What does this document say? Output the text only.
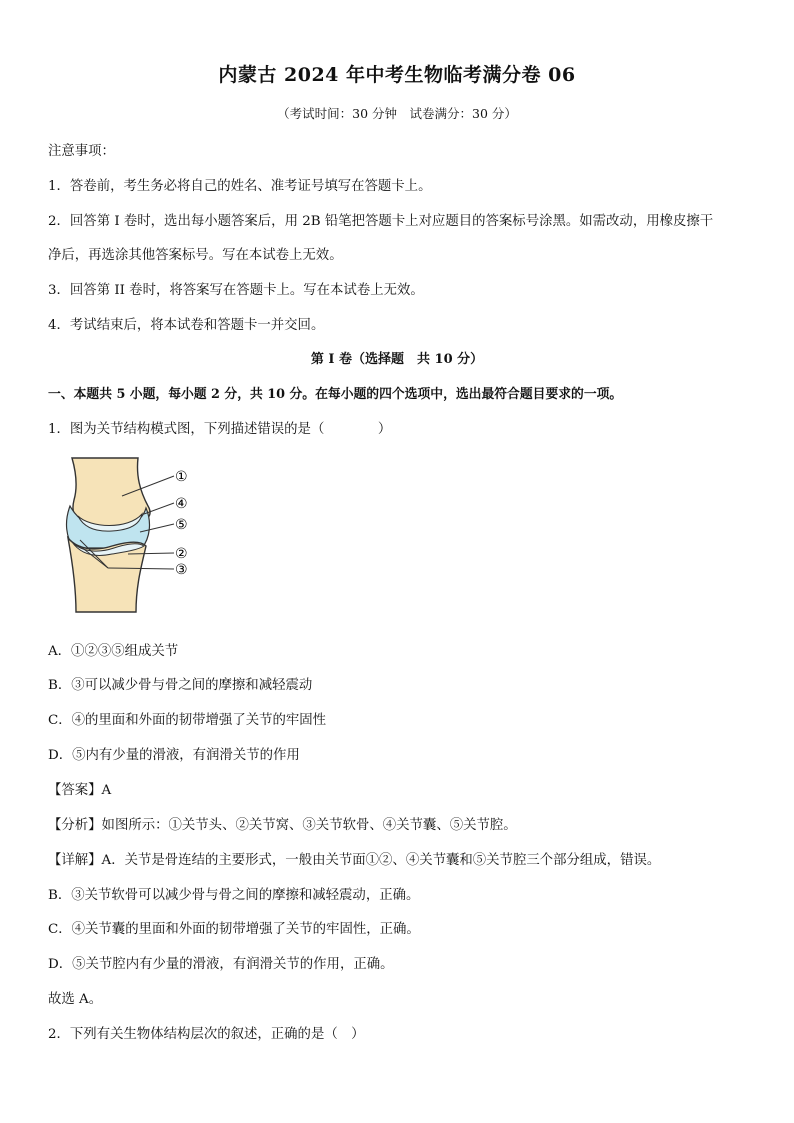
内蒙古 2024 年中考生物临考满分卷 06
（考试时间：30 分钟　试卷满分：30 分）
注意事项：
1．答卷前，考生务必将自己的姓名、准考证号填写在答题卡上。
2．回答第 I 卷时，选出每小题答案后，用 2B 铅笔把答题卡上对应题目的答案标号涂黑。如需改动，用橡皮擦干
净后，再选涂其他答案标号。写在本试卷上无效。
3．回答第 II 卷时，将答案写在答题卡上。写在本试卷上无效。
4．考试结束后，将本试卷和答题卡一并交回。
第 I 卷（选择题　共 10 分）
一、本题共 5 小题，每小题 2 分，共 10 分。在每小题的四个选项中，选出最符合题目要求的一项。
1．图为关节结构模式图，下列描述错误的是（　　　　）
①
④
⑤
②
③
A．①②③⑤组成关节
B．③可以减少骨与骨之间的摩擦和减轻震动
C．④的里面和外面的韧带增强了关节的牢固性
D．⑤内有少量的滑液，有润滑关节的作用
【答案】A
【分析】如图所示：①关节头、②关节窝、③关节软骨、④关节囊、⑤关节腔。
【详解】A．关节是骨连结的主要形式，一般由关节面①②、④关节囊和⑤关节腔三个部分组成，错误。
B．③关节软骨可以减少骨与骨之间的摩擦和减轻震动，正确。
C．④关节囊的里面和外面的韧带增强了关节的牢固性，正确。
D．⑤关节腔内有少量的滑液，有润滑关节的作用，正确。
故选 A。
2．下列有关生物体结构层次的叙述，正确的是（　）
